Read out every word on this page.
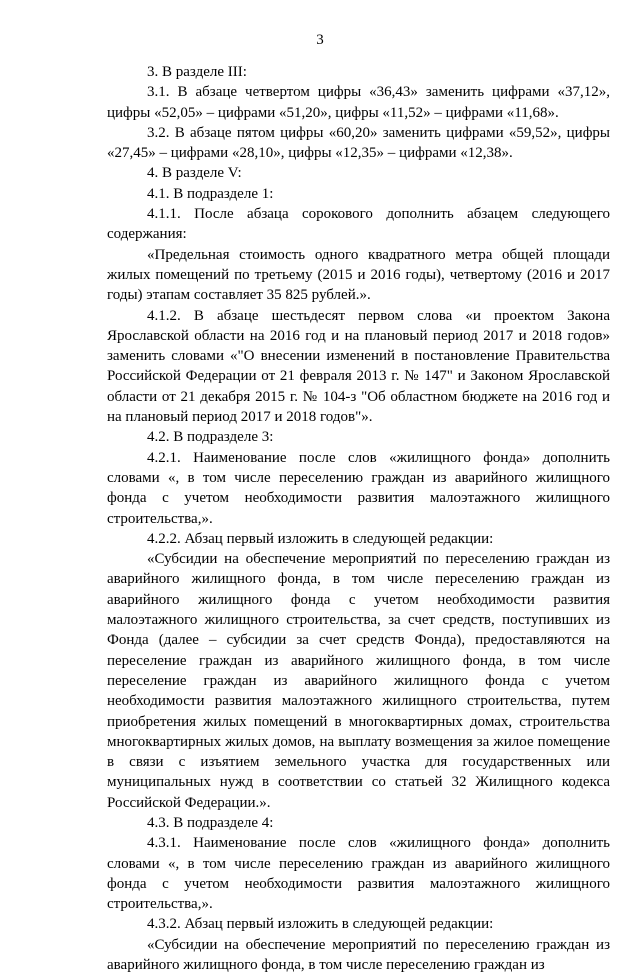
3

3. В разделе III:

3.1. В абзаце четвертом цифры «36,43» заменить цифрами «37,12», цифры «52,05» – цифрами «51,20», цифры «11,52» – цифрами «11,68».

3.2. В абзаце пятом цифры «60,20» заменить цифрами «59,52», цифры «27,45» – цифрами «28,10», цифры «12,35» – цифрами «12,38».

4. В разделе V:

4.1. В подразделе 1:

4.1.1. После абзаца сорокового дополнить абзацем следующего содержания:

«Предельная стоимость одного квадратного метра общей площади жилых помещений по третьему (2015 и 2016 годы), четвертому (2016 и 2017 годы) этапам составляет 35 825 рублей.».

4.1.2. В абзаце шестьдесят первом слова «и проектом Закона Ярославской области на 2016 год и на плановый период 2017 и 2018 годов» заменить словами «"О внесении изменений в постановление Правительства Российской Федерации от 21 февраля 2013 г. № 147" и Законом Ярославской области от 21 декабря 2015 г. № 104-з "Об областном бюджете на 2016 год и на плановый период 2017 и 2018 годов"».

4.2. В подразделе 3:

4.2.1. Наименование после слов «жилищного фонда» дополнить словами «, в том числе переселению граждан из аварийного жилищного фонда с учетом необходимости развития малоэтажного жилищного строительства,».

4.2.2. Абзац первый изложить в следующей редакции:

«Субсидии на обеспечение мероприятий по переселению граждан из аварийного жилищного фонда, в том числе переселению граждан из аварийного жилищного фонда с учетом необходимости развития малоэтажного жилищного строительства, за счет средств, поступивших из Фонда (далее – субсидии за счет средств Фонда), предоставляются на переселение граждан из аварийного жилищного фонда, в том числе переселение граждан из аварийного жилищного фонда с учетом необходимости развития малоэтажного жилищного строительства, путем приобретения жилых помещений в многоквартирных домах, строительства многоквартирных жилых домов, на выплату возмещения за жилое помещение в связи с изъятием земельного участка для государственных или муниципальных нужд в соответствии со статьей 32 Жилищного кодекса Российской Федерации.».

4.3. В подразделе 4:

4.3.1. Наименование после слов «жилищного фонда» дополнить словами «, в том числе переселению граждан из аварийного жилищного фонда с учетом необходимости развития малоэтажного жилищного строительства,».

4.3.2. Абзац первый изложить в следующей редакции:

«Субсидии на обеспечение мероприятий по переселению граждан из аварийного жилищного фонда, в том числе переселению граждан из
